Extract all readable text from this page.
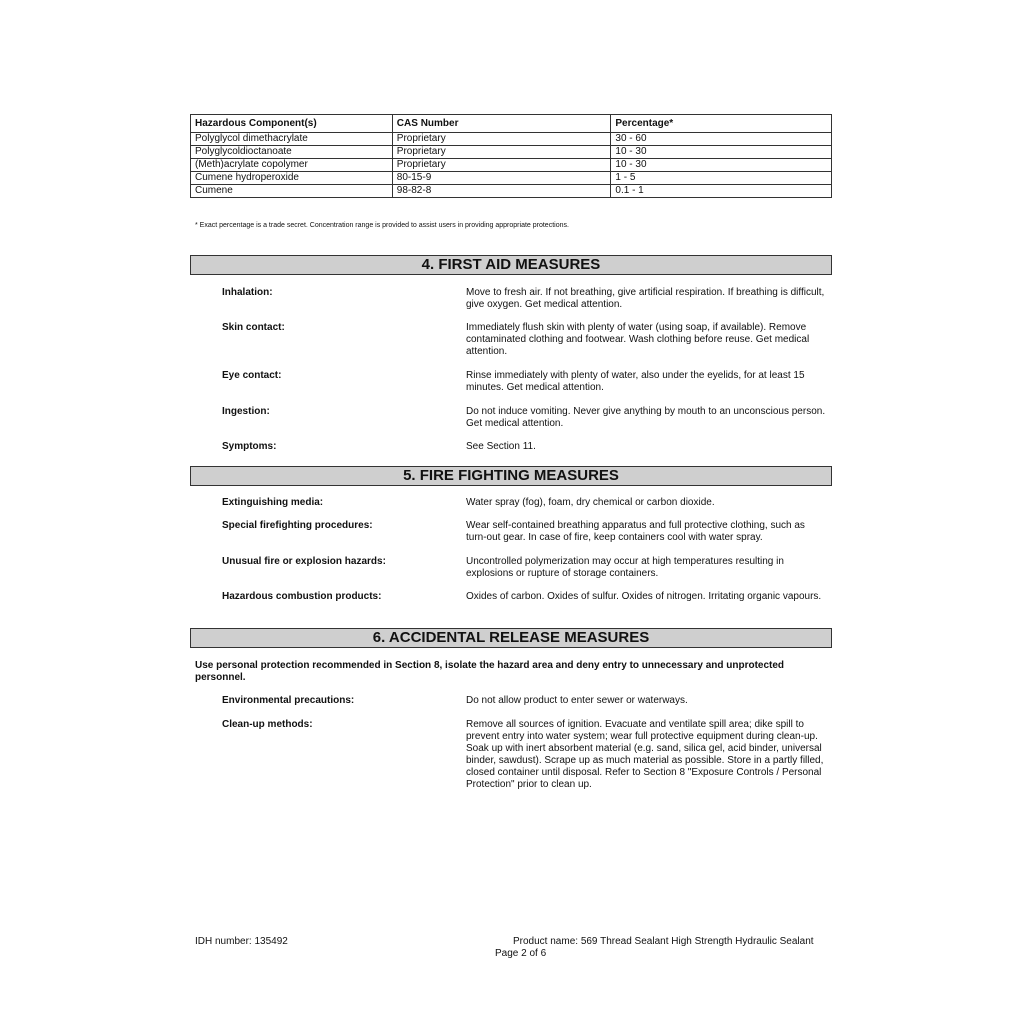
Hazardous Component(s)	CAS Number	Percentage*
Polyglycol dimethacrylate	Proprietary	30 - 60
Polyglycoldioctanoate	Proprietary	10 - 30
(Meth)acrylate copolymer	Proprietary	10 - 30
Cumene hydroperoxide	80-15-9	1 - 5
Cumene	98-82-8	0.1 - 1
* Exact percentage is a trade secret. Concentration range is provided to assist users in providing appropriate protections.
4. FIRST AID MEASURES
Inhalation:	Move to fresh air. If not breathing, give artificial respiration. If breathing is difficult, give oxygen. Get medical attention.
Skin contact:	Immediately flush skin with plenty of water (using soap, if available). Remove contaminated clothing and footwear. Wash clothing before reuse. Get medical attention.
Eye contact:	Rinse immediately with plenty of water, also under the eyelids, for at least 15 minutes. Get medical attention.
Ingestion:	Do not induce vomiting. Never give anything by mouth to an unconscious person. Get medical attention.
Symptoms:	See Section 11.
5. FIRE FIGHTING MEASURES
Extinguishing media:	Water spray (fog), foam, dry chemical or carbon dioxide.
Special firefighting procedures:	Wear self-contained breathing apparatus and full protective clothing, such as turn-out gear. In case of fire, keep containers cool with water spray.
Unusual fire or explosion hazards:	Uncontrolled polymerization may occur at high temperatures resulting in explosions or rupture of storage containers.
Hazardous combustion products:	Oxides of carbon. Oxides of sulfur. Oxides of nitrogen. Irritating organic vapours.
6. ACCIDENTAL RELEASE MEASURES
Use personal protection recommended in Section 8, isolate the hazard area and deny entry to unnecessary and unprotected personnel.
Environmental precautions:	Do not allow product to enter sewer or waterways.
Clean-up methods:	Remove all sources of ignition. Evacuate and ventilate spill area; dike spill to prevent entry into water system; wear full protective equipment during clean-up. Soak up with inert absorbent material (e.g. sand, silica gel, acid binder, universal binder, sawdust). Scrape up as much material as possible. Store in a partly filled, closed container until disposal. Refer to Section 8 "Exposure Controls / Personal Protection" prior to clean up.
IDH number: 135492	Product name: 569 Thread Sealant High Strength Hydraulic Sealant
Page 2 of 6
